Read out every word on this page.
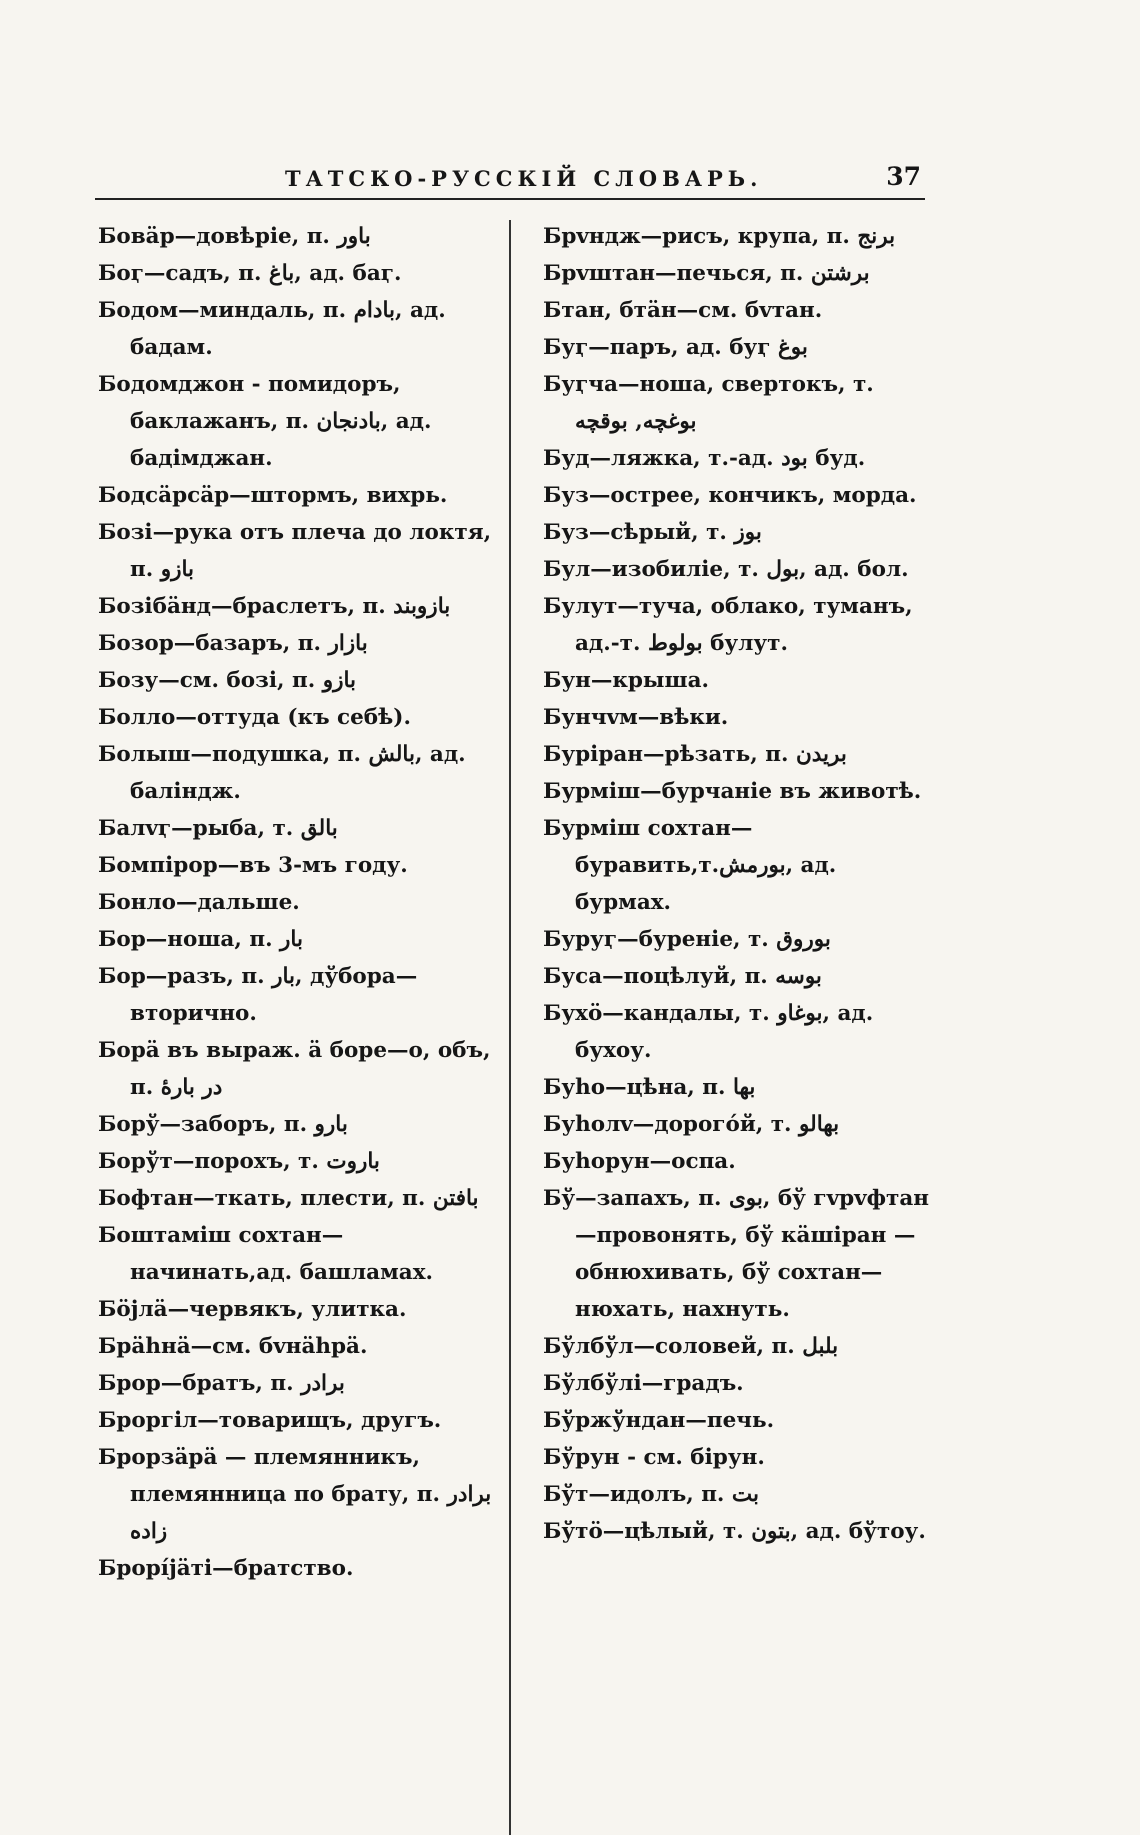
ТАТСКО-РУССКІЙ СЛОВАРЬ.	37
Бовäр—довѣріе, п. باور
Боӷ—садъ, п. باغ, ад. баӷ.
Бодом—миндаль, п. بادام, ад. бадам.
Бодомджон - помидоръ, баклажанъ, п. بادنجان, ад. бадімджан.
Бодсäрсäр—штормъ, вихрь.
Бозі—рука отъ плеча до локтя, п. بازو
Бозібäнд—браслетъ, п. بازوبند
Бозор—базаръ, п. بازار
Бозу—см. бозі, п. بازو
Болло—оттуда (къ себѣ).
Болыш—подушка, п. بالش, ад. баліндж.
Балvӷ—рыба, т. بالق
Бомпірор—въ 3-мъ году.
Бонло—дальше.
Бор—ноша, п. بار
Бор—разъ, п. بار, дўбора—вторично.
Борä въ выраж. ä боре—о, объ, п. در بارۀ
Борў—заборъ, п. بارو
Борўт—порохъ, т. باروت
Бофтан—ткать, плести, п. بافتن
Боштаміш сохтан—начинать,ад. башламах.
Бöjлä—червякъ, улитка.
Брähнä—см. бvнähрä.
Брор—братъ, п. برادر
Броргіл—товарищъ, другъ.
Брорзäрä — племянникъ, племянница по брату, п. برادر زاده
Брорíjäті—братство.
Брvндж—рисъ, крупа, п. برنج
Брvштан—печься, п. برشتن
Бтан, бтäн—см. бvтан.
Буӷ—паръ, ад. буӷ بوغ
Буӷча—ноша, свертокъ, т. بوغچه, بوقچه
Буд—ляжка, т.-ад. بود буд.
Буз—острее, кончикъ, морда.
Буз—сѣрый, т. بوز
Бул—изобиліе, т. بول, ад. бол.
Булут—туча, облако, туманъ, ад.-т. بولوط булут.
Бун—крыша.
Бунчvм—вѣки.
Буріран—рѣзать, п. بريدن
Бурміш—бурчаніе въ животѣ.
Бурміш сохтан—буравить,т.بورمش, ад. бурмах.
Буруӷ—буреніе, т. بوروق
Буса—поцѣлуй, п. بوسه
Бухö—кандалы, т. بوغاو, ад. бухоу.
Буhо—цѣна, п. بها
Буhолv—дорогóй, т. بهالو
Буhорун—оспа.
Бў—запахъ, п. بوى, бў гvрvфтан—провонять, бў кäшіран — обнюхивать, бў сохтан—нюхать, нахнуть.
Бўлбўл—соловей, п. بلبل
Бўлбўлі—градъ.
Бўржўндан—печь.
Бўрун - см. бірун.
Бўт—идолъ, п. بت
Бўтö—цѣлый, т. بتون, ад. бўтоу.
